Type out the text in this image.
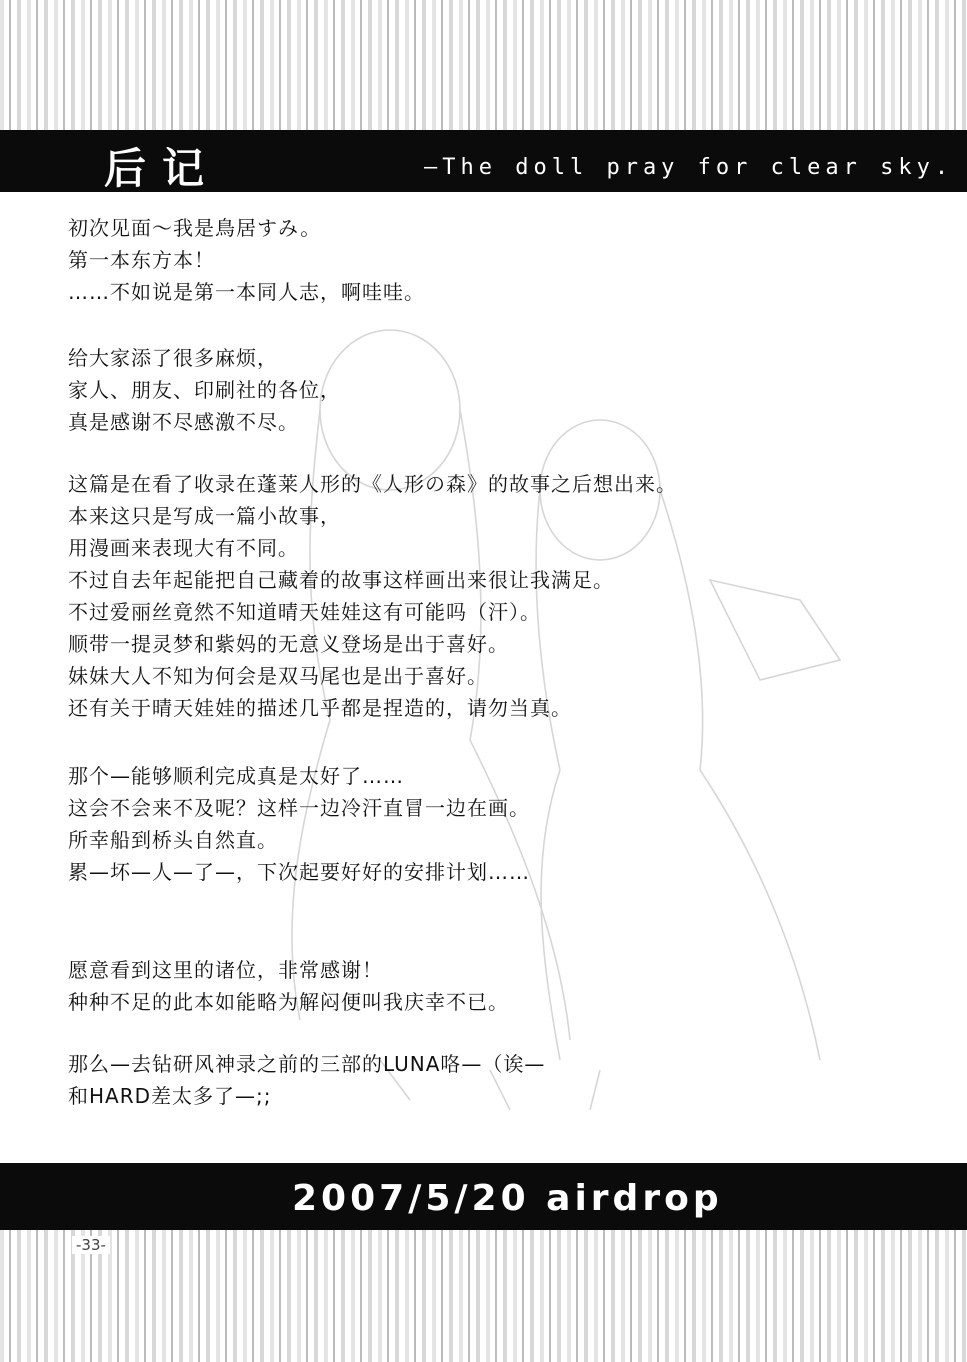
后记	—The doll pray for clear sky.
初次见面～我是鳥居すみ。
第一本东方本！
……不如说是第一本同人志，啊哇哇。
给大家添了很多麻烦，
家人、朋友、印刷社的各位，
真是感谢不尽感激不尽。
这篇是在看了收录在蓬莱人形的《人形の森》的故事之后想出来。
本来这只是写成一篇小故事，
用漫画来表现大有不同。
不过自去年起能把自己藏着的故事这样画出来很让我满足。
不过爱丽丝竟然不知道晴天娃娃这有可能吗（汗）。
顺带一提灵梦和紫妈的无意义登场是出于喜好。
妹妹大人不知为何会是双马尾也是出于喜好。
还有关于晴天娃娃的描述几乎都是捏造的，请勿当真。
那个—能够顺利完成真是太好了……
这会不会来不及呢？这样一边冷汗直冒一边在画。
所幸船到桥头自然直。
累—坏—人—了—，下次起要好好的安排计划……
愿意看到这里的诸位，非常感谢！
种种不足的此本如能略为解闷便叫我庆幸不已。
那么—去钻研风神录之前的三部的LUNA咯—（诶—
和HARD差太多了—;;
2007/5/20 airdrop
-33-
